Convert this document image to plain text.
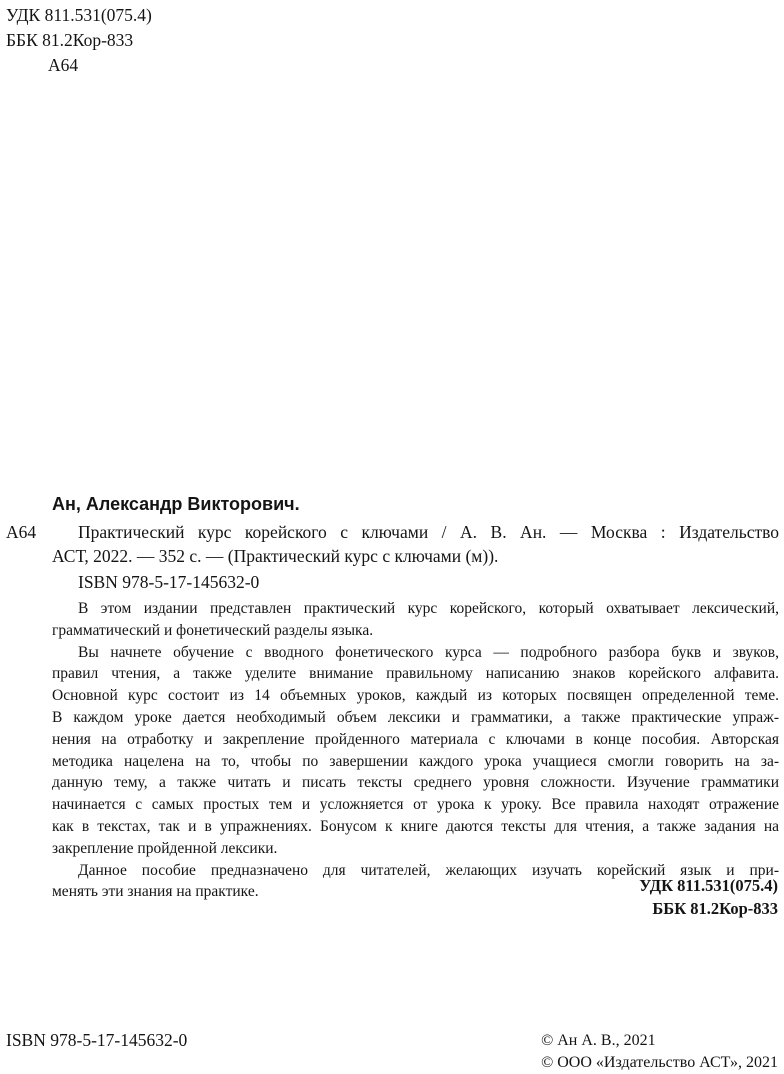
УДК 811.531(075.4)
ББК 81.2Кор-833
А64
Ан, Александр Викторович.
А64	Практический курс корейского с ключами / А. В. Ан. — Москва : Издательство
АСТ, 2022. — 352 с. — (Практический курс с ключами (м)).
ISBN 978-5-17-145632-0
В этом издании представлен практический курс корейского, который охватывает лексический,
грамматический и фонетический разделы языка.
Вы начнете обучение с вводного фонетического курса — подробного разбора букв и звуков,
правил чтения, а также уделите внимание правильному написанию знаков корейского алфавита.
Основной курс состоит из 14 объемных уроков, каждый из которых посвящен определенной теме.
В каждом уроке дается необходимый объем лексики и грамматики, а также практические упраж-
нения на отработку и закрепление пройденного материала с ключами в конце пособия. Авторская
методика нацелена на то, чтобы по завершении каждого урока учащиеся смогли говорить на за-
данную тему, а также читать и писать тексты среднего уровня сложности. Изучение грамматики
начинается с самых простых тем и усложняется от урока к уроку. Все правила находят отражение
как в текстах, так и в упражнениях. Бонусом к книге даются тексты для чтения, а также задания на
закрепление пройденной лексики.
Данное пособие предназначено для читателей, желающих изучать корейский язык и при-
менять эти знания на практике.	УДК 811.531(075.4)
ББК 81.2Кор-833
ISBN 978-5-17-145632-0	© Ан А. В., 2021
© ООО «Издательство АСТ», 2021
